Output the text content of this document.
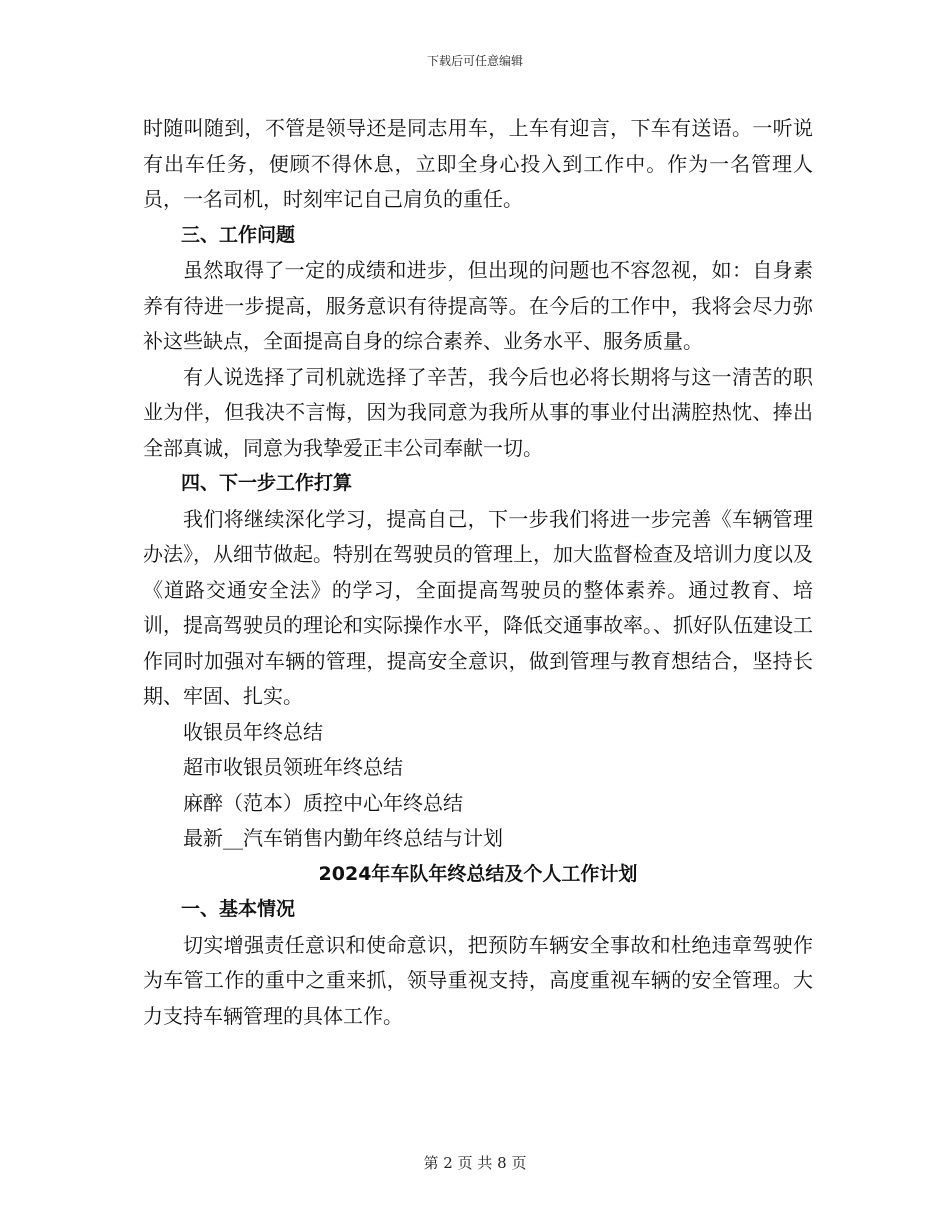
下载后可任意编辑

时随叫随到，不管是领导还是同志用车，上车有迎言，下车有送语。一听说有出车任务，便顾不得休息，立即全身心投入到工作中。作为一名管理人员，一名司机，时刻牢记自己肩负的重任。

三、工作问题

虽然取得了一定的成绩和进步，但出现的问题也不容忽视，如：自身素养有待进一步提高，服务意识有待提高等。在今后的工作中，我将会尽力弥补这些缺点，全面提高自身的综合素养、业务水平、服务质量。

有人说选择了司机就选择了辛苦，我今后也必将长期将与这一清苦的职业为伴，但我决不言悔，因为我同意为我所从事的事业付出满腔热忱、捧出全部真诚，同意为我挚爱正丰公司奉献一切。

四、下一步工作打算

我们将继续深化学习，提高自己，下一步我们将进一步完善《车辆管理办法》，从细节做起。特别在驾驶员的管理上，加大监督检查及培训力度以及《道路交通安全法》的学习，全面提高驾驶员的整体素养。通过教育、培训，提高驾驶员的理论和实际操作水平，降低交通事故率。、抓好队伍建设工作同时加强对车辆的管理，提高安全意识，做到管理与教育想结合，坚持长期、牢固、扎实。

收银员年终总结

超市收银员领班年终总结

麻醉（范本）质控中心年终总结

最新__汽车销售内勤年终总结与计划

2024年车队年终总结及个人工作计划

一、基本情况

切实增强责任意识和使命意识，把预防车辆安全事故和杜绝违章驾驶作为车管工作的重中之重来抓，领导重视支持，高度重视车辆的安全管理。大力支持车辆管理的具体工作。

第 2 页 共 8 页
